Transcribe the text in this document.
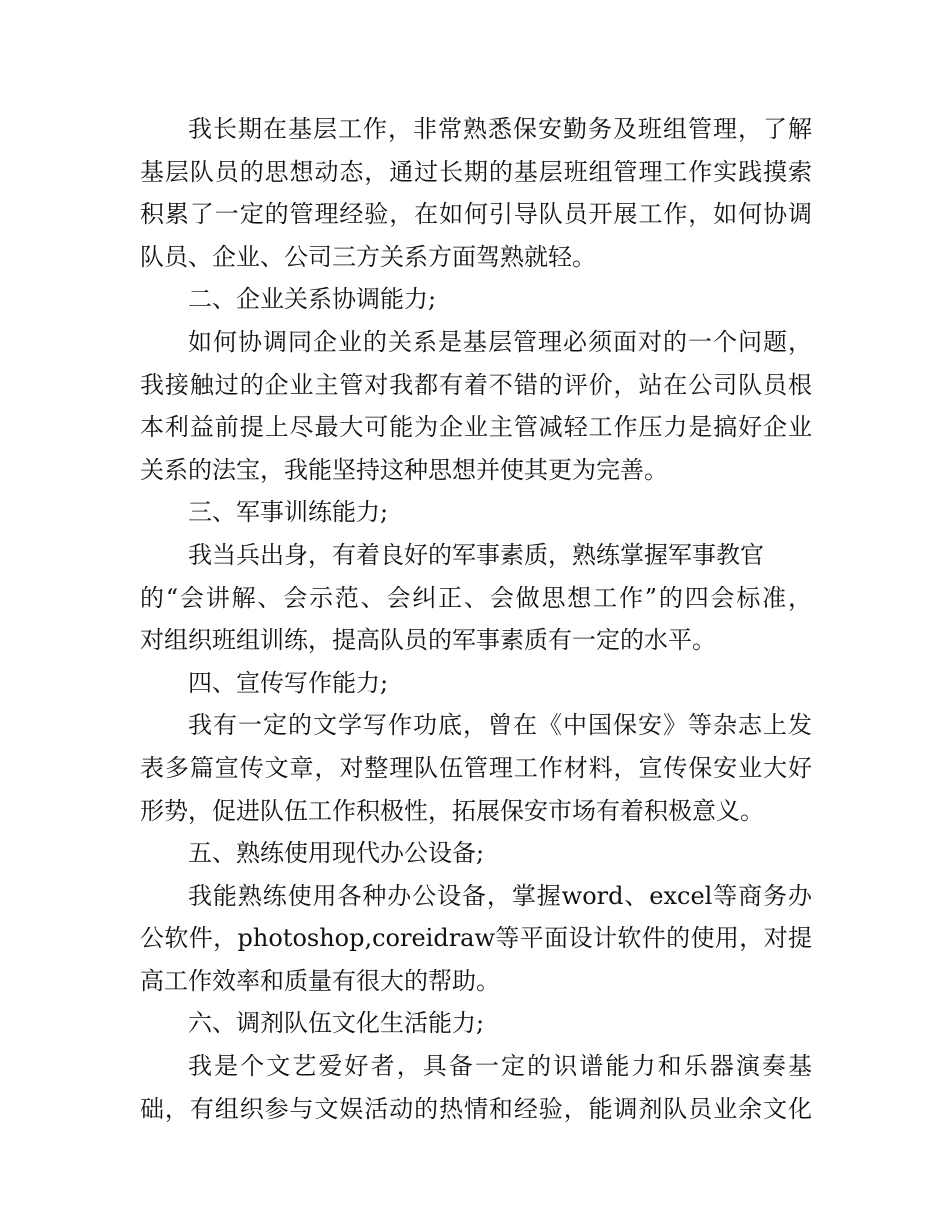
我长期在基层工作，非常熟悉保安勤务及班组管理，了解
基层队员的思想动态，通过长期的基层班组管理工作实践摸索
积累了一定的管理经验，在如何引导队员开展工作，如何协调
队员、企业、公司三方关系方面驾熟就轻。
二、企业关系协调能力;
如何协调同企业的关系是基层管理必须面对的一个问题，
我接触过的企业主管对我都有着不错的评价，站在公司队员根
本利益前提上尽最大可能为企业主管减轻工作压力是搞好企业
关系的法宝，我能坚持这种思想并使其更为完善。
三、军事训练能力;
我当兵出身，有着良好的军事素质，熟练掌握军事教官
的“会讲解、会示范、会纠正、会做思想工作”的四会标准，
对组织班组训练，提高队员的军事素质有一定的水平。
四、宣传写作能力;
我有一定的文学写作功底，曾在《中国保安》等杂志上发
表多篇宣传文章，对整理队伍管理工作材料，宣传保安业大好
形势，促进队伍工作积极性，拓展保安市场有着积极意义。
五、熟练使用现代办公设备;
我能熟练使用各种办公设备，掌握word、excel等商务办
公软件，photoshop,coreidraw等平面设计软件的使用，对提
高工作效率和质量有很大的帮助。
六、调剂队伍文化生活能力;
我是个文艺爱好者，具备一定的识谱能力和乐器演奏基
础，有组织参与文娱活动的热情和经验，能调剂队员业余文化
